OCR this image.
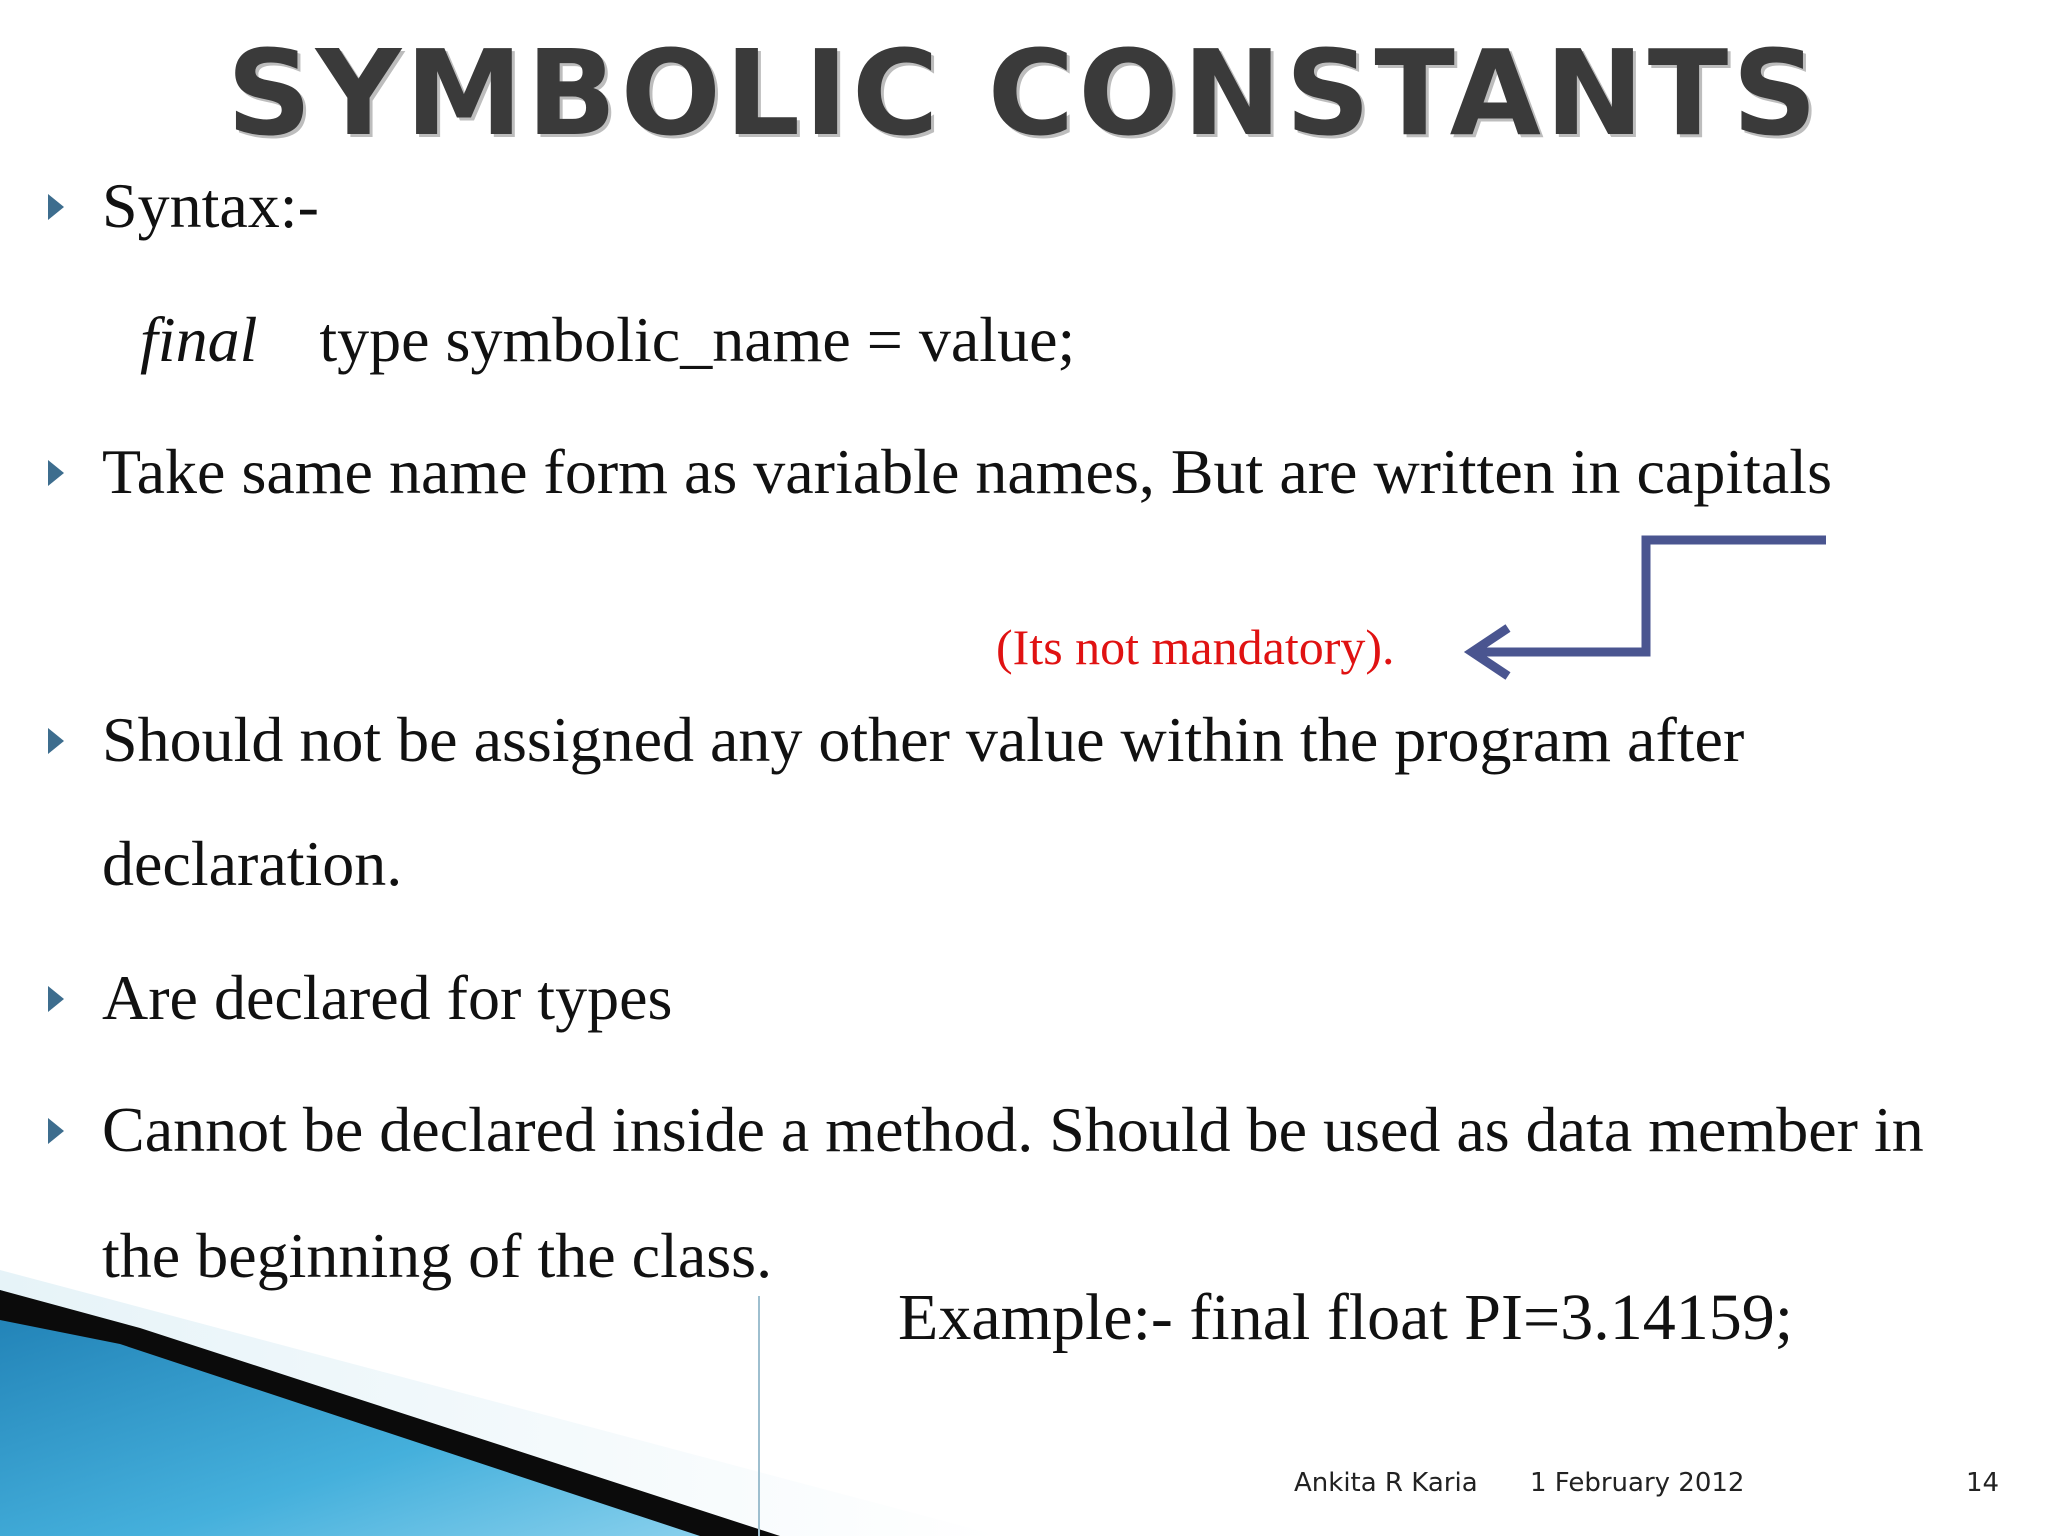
SYMBOLIC CONSTANTS
Syntax:-
final type symbolic_name = value;
Take same name form as variable names, But are written in capitals
(Its not mandatory).
Should not be assigned any other value within the program after
declaration.
Are declared for types
Cannot be declared inside a method. Should be used as data member in
the beginning of the class.
Example:- final float PI=3.14159;
Ankita R Karia 1 February 2012	14
